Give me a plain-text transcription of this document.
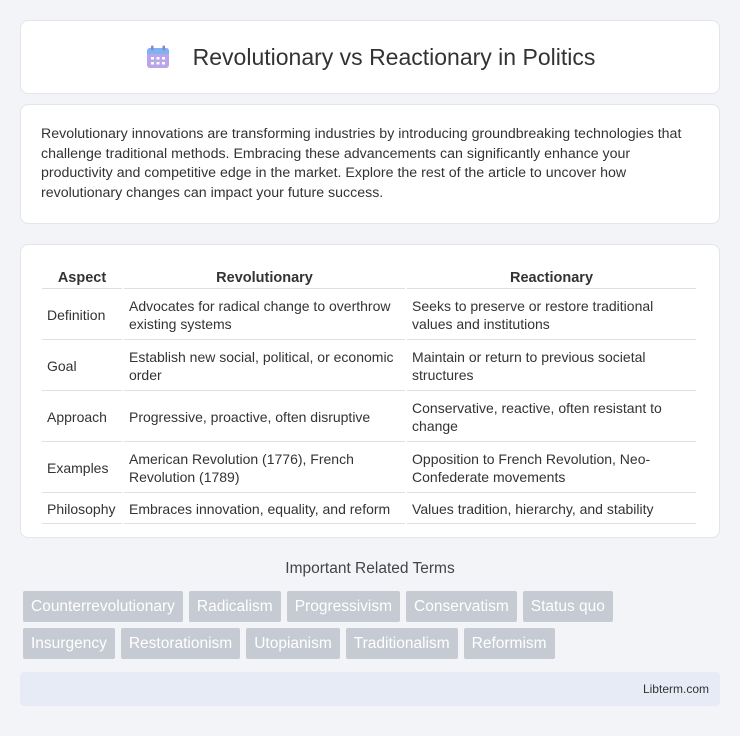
Revolutionary vs Reactionary in Politics

Revolutionary innovations are transforming industries by introducing groundbreaking technologies that challenge traditional methods. Embracing these advancements can significantly enhance your productivity and competitive edge in the market. Explore the rest of the article to uncover how revolutionary changes can impact your future success.

Aspect	Revolutionary	Reactionary
Definition	Advocates for radical change to overthrow existing systems	Seeks to preserve or restore traditional values and institutions
Goal	Establish new social, political, or economic order	Maintain or return to previous societal structures
Approach	Progressive, proactive, often disruptive	Conservative, reactive, often resistant to change
Examples	American Revolution (1776), French Revolution (1789)	Opposition to French Revolution, Neo-Confederate movements
Philosophy	Embraces innovation, equality, and reform	Values tradition, hierarchy, and stability
Important Related Terms
Counterrevolutionary	Radicalism	Progressivism	Conservatism	Status quo
Insurgency	Restorationism	Utopianism	Traditionalism	Reformism
Libterm.com
